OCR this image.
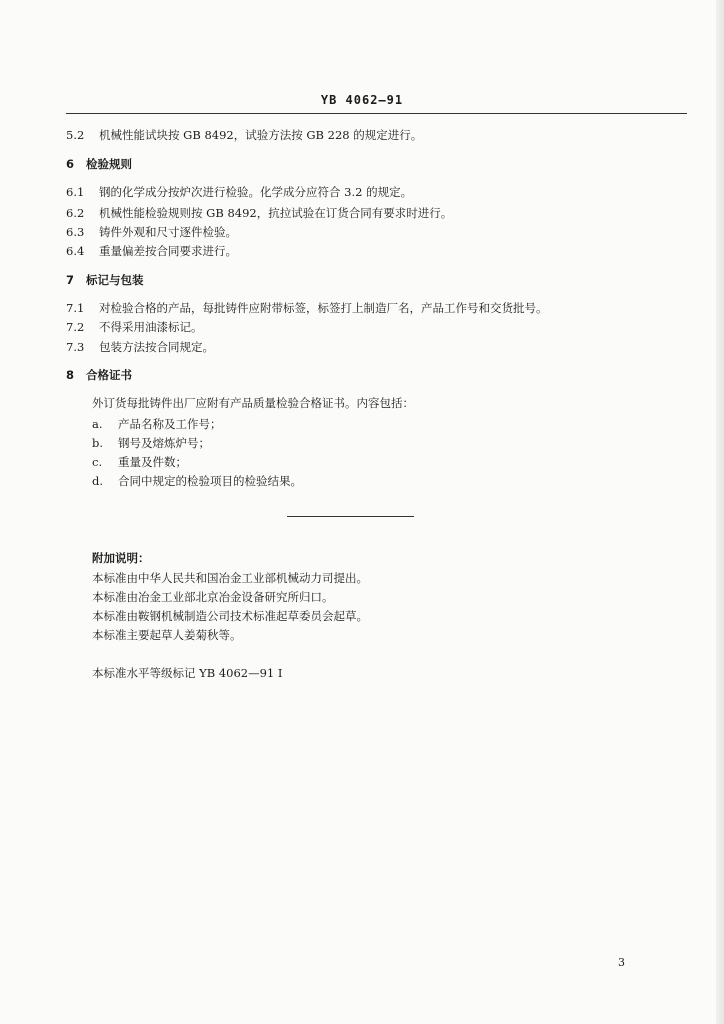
YB 4062—91
5.2 机械性能试块按 GB 8492，试验方法按 GB 228 的规定进行。
6 检验规则
6.1 钢的化学成分按炉次进行检验。化学成分应符合 3.2 的规定。
6.2 机械性能检验规则按 GB 8492，抗拉试验在订货合同有要求时进行。
6.3 铸件外观和尺寸逐件检验。
6.4 重量偏差按合同要求进行。
7 标记与包装
7.1 对检验合格的产品，每批铸件应附带标签，标签打上制造厂名，产品工作号和交货批号。
7.2 不得采用油漆标记。
7.3 包装方法按合同规定。
8 合格证书
外订货每批铸件出厂应附有产品质量检验合格证书。内容包括：
a. 产品名称及工作号；
b. 钢号及熔炼炉号；
c. 重量及件数；
d. 合同中规定的检验项目的检验结果。
附加说明：
本标准由中华人民共和国冶金工业部机械动力司提出。
本标准由冶金工业部北京冶金设备研究所归口。
本标准由鞍钢机械制造公司技术标准起草委员会起草。
本标准主要起草人姜菊秋等。
本标准水平等级标记 YB 4062—91 I
3
